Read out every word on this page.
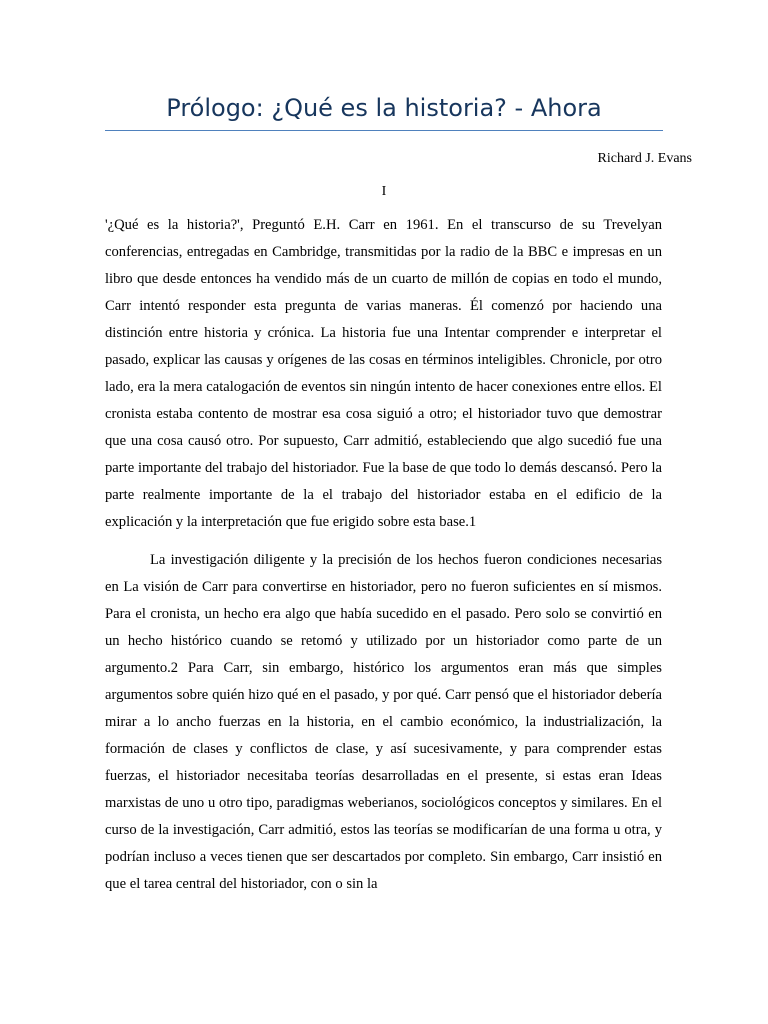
Prólogo: ¿Qué es la historia? - Ahora
Richard J. Evans
I

'¿Qué es la historia?', Preguntó E.H. Carr en 1961. En el transcurso de su Trevelyan conferencias, entregadas en Cambridge, transmitidas por la radio de la BBC e impresas en un libro que desde entonces ha vendido más de un cuarto de millón de copias en todo el mundo, Carr intentó responder esta pregunta de varias maneras. Él comenzó por haciendo una distinción entre historia y crónica. La historia fue una Intentar comprender e interpretar el pasado, explicar las causas y orígenes de las cosas en términos inteligibles. Chronicle, por otro lado, era la mera catalogación de eventos sin ningún intento de hacer conexiones entre ellos. El cronista estaba contento de mostrar esa cosa siguió a otro; el historiador tuvo que demostrar que una cosa causó otro. Por supuesto, Carr admitió, estableciendo que algo sucedió fue una parte importante del trabajo del historiador. Fue la base de que todo lo demás descansó. Pero la parte realmente importante de la el trabajo del historiador estaba en el edificio de la explicación y la interpretación que fue erigido sobre esta base.1

La investigación diligente y la precisión de los hechos fueron condiciones necesarias en La visión de Carr para convertirse en historiador, pero no fueron suficientes en sí mismos. Para el cronista, un hecho era algo que había sucedido en el pasado. Pero solo se convirtió en un hecho histórico cuando se retomó y utilizado por un historiador como parte de un argumento.2 Para Carr, sin embargo, histórico los argumentos eran más que simples argumentos sobre quién hizo qué en el pasado, y por qué. Carr pensó que el historiador debería mirar a lo ancho fuerzas en la historia, en el cambio económico, la industrialización, la formación de clases y conflictos de clase, y así sucesivamente, y para comprender estas fuerzas, el historiador necesitaba teorías desarrolladas en el presente, si estas eran Ideas marxistas de uno u otro tipo, paradigmas weberianos, sociológicos conceptos y similares. En el curso de la investigación, Carr admitió, estos las teorías se modificarían de una forma u otra, y podrían incluso a veces tienen que ser descartados por completo. Sin embargo, Carr insistió en que el tarea central del historiador, con o sin la
